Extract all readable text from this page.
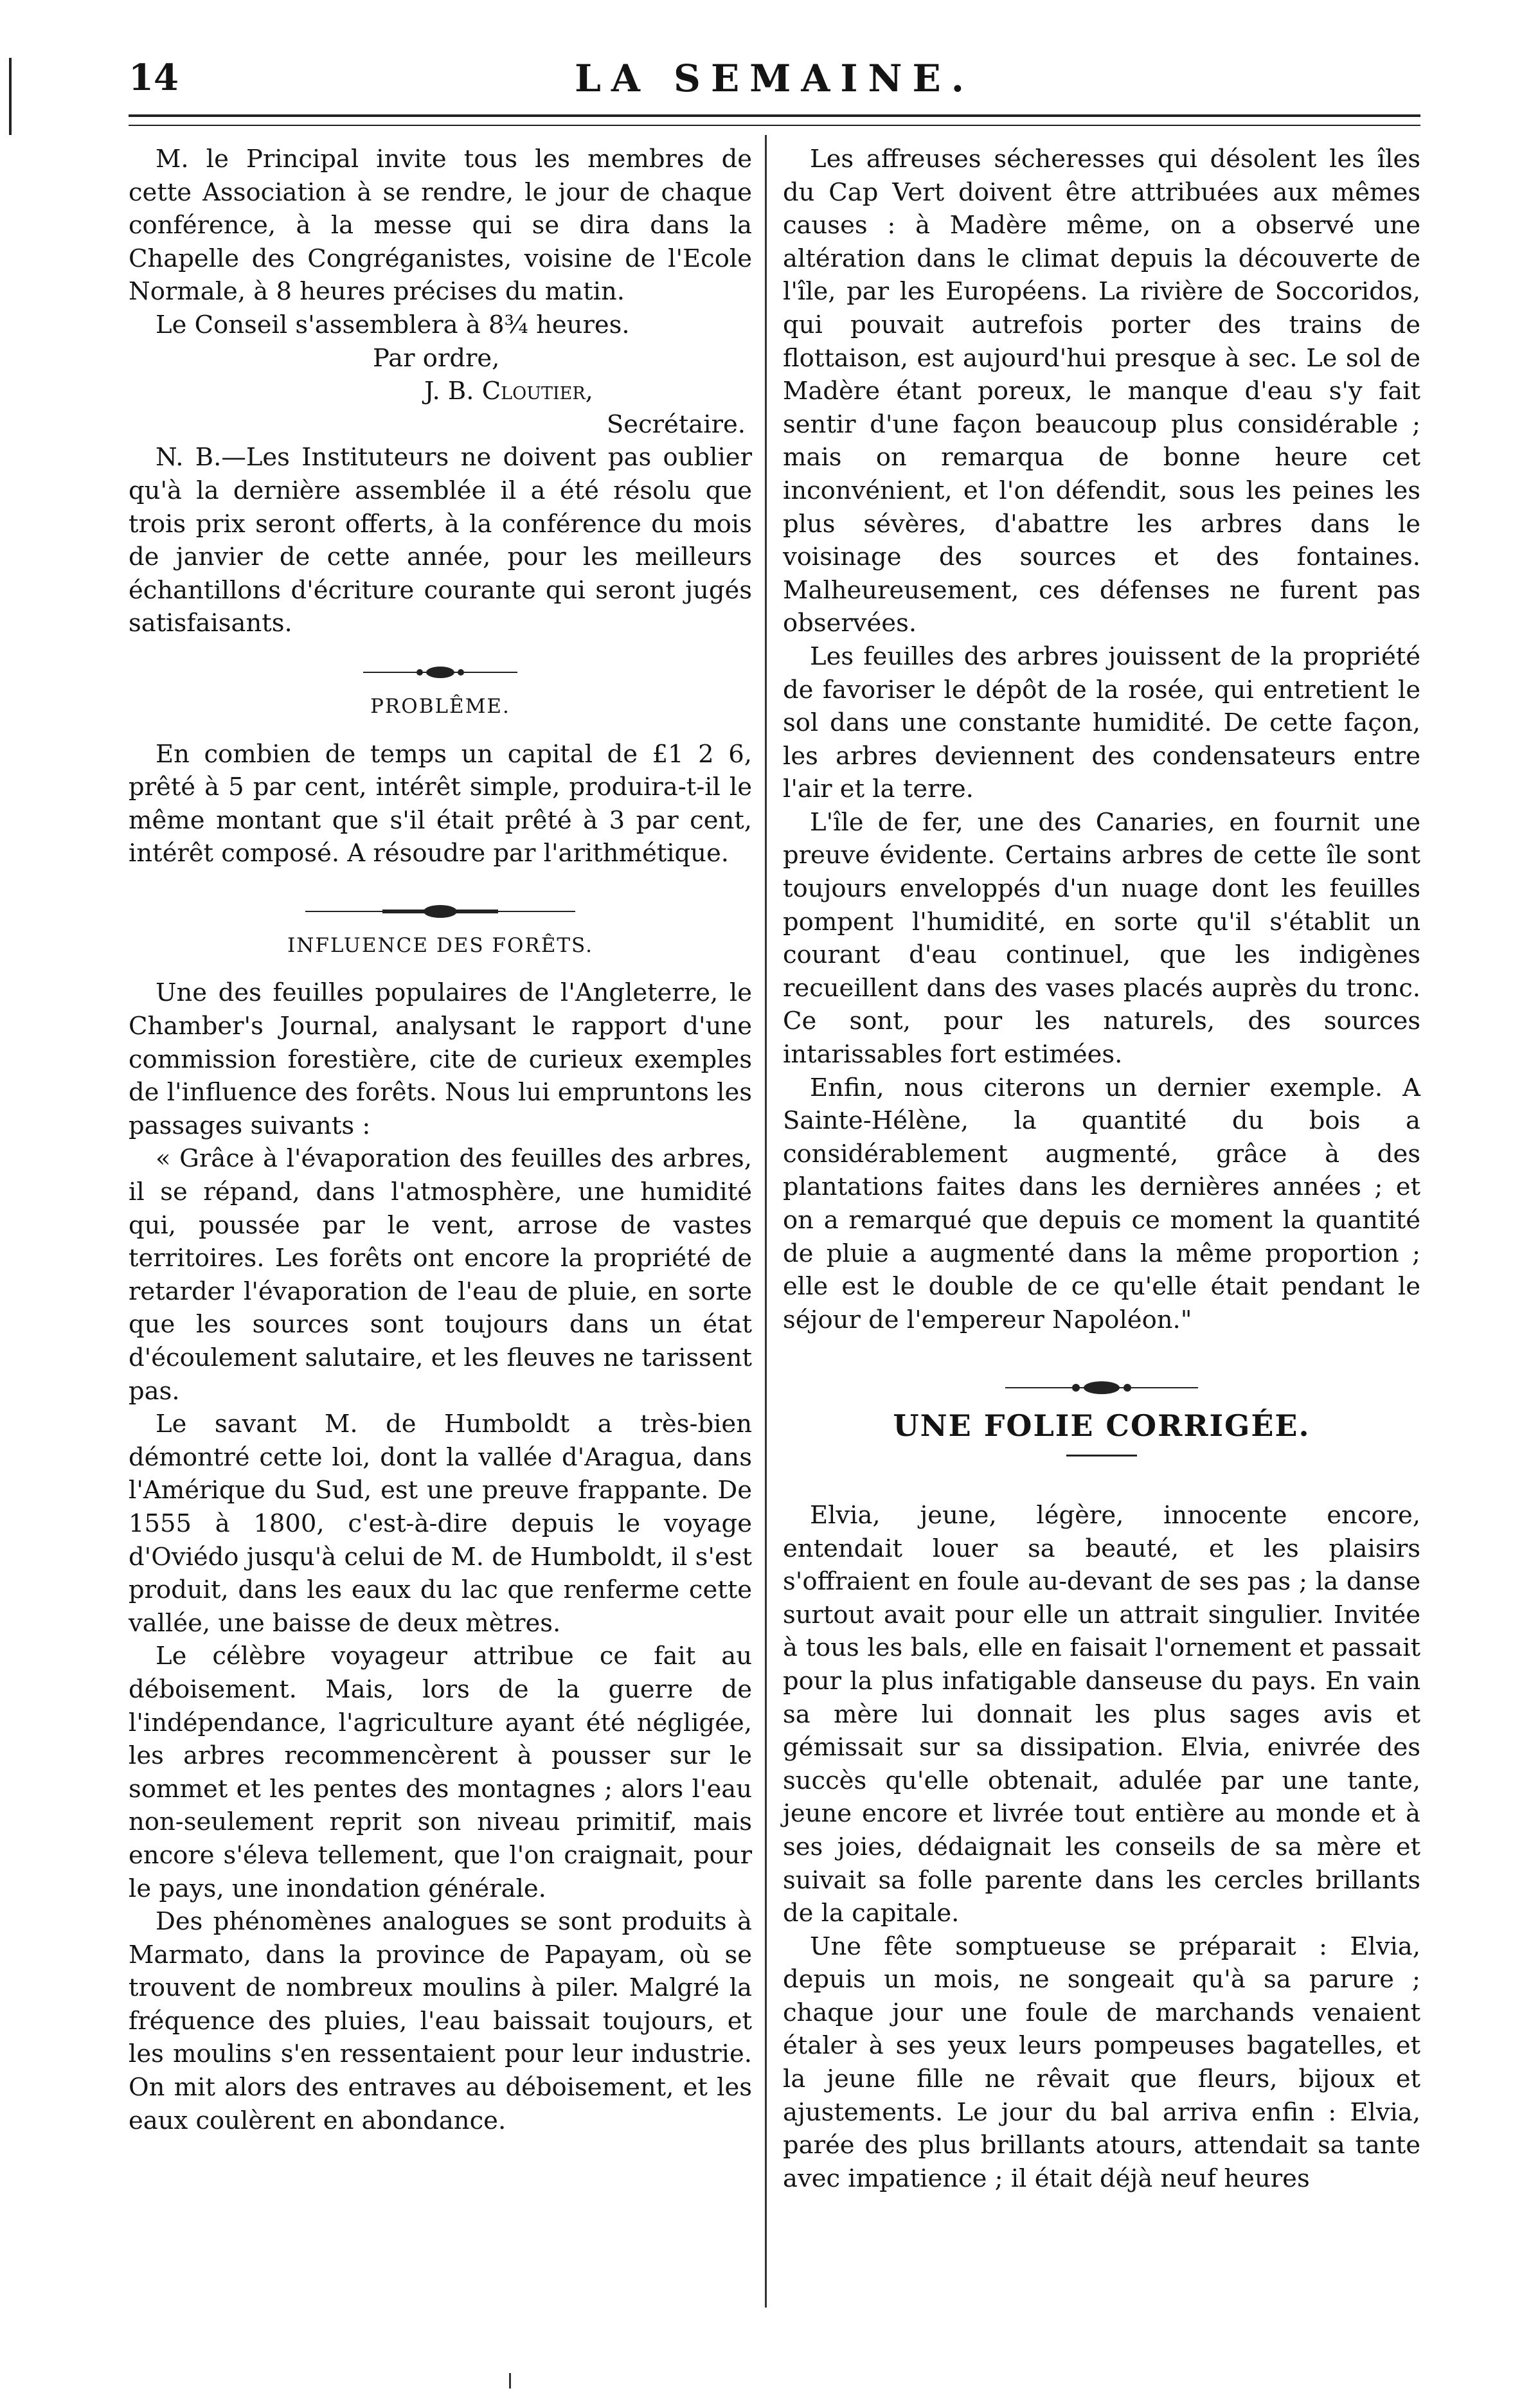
14	LA SEMAINE.

M. le Principal invite tous les membres de cette Association à se rendre, le jour de chaque conférence, à la messe qui se dira dans la Chapelle des Congréganistes, voisine de l'Ecole Normale, à 8 heures précises du matin.

Le Conseil s'assemblera à 8¾ heures.

Par ordre,

J. B. Cloutier,

Secrétaire.

N. B.—Les Instituteurs ne doivent pas oublier qu'à la dernière assemblée il a été résolu que trois prix seront offerts, à la conférence du mois de janvier de cette année, pour les meilleurs échantillons d'écriture courante qui seront jugés satisfaisants.

PROBLÊME.

En combien de temps un capital de £1 2 6, prêté à 5 par cent, intérêt simple, produira-t-il le même montant que s'il était prêté à 3 par cent, intérêt composé. A résoudre par l'arithmétique.

INFLUENCE DES FORÊTS.

Une des feuilles populaires de l'Angleterre, le Chamber's Journal, analysant le rapport d'une commission forestière, cite de curieux exemples de l'influence des forêts. Nous lui empruntons les passages suivants :

« Grâce à l'évaporation des feuilles des arbres, il se répand, dans l'atmosphère, une humidité qui, poussée par le vent, arrose de vastes territoires. Les forêts ont encore la propriété de retarder l'évaporation de l'eau de pluie, en sorte que les sources sont toujours dans un état d'écoulement salutaire, et les fleuves ne tarissent pas.

Le savant M. de Humboldt a très-bien démontré cette loi, dont la vallée d'Aragua, dans l'Amérique du Sud, est une preuve frappante. De 1555 à 1800, c'est-à-dire depuis le voyage d'Oviédo jusqu'à celui de M. de Humboldt, il s'est produit, dans les eaux du lac que renferme cette vallée, une baisse de deux mètres.

Le célèbre voyageur attribue ce fait au déboisement. Mais, lors de la guerre de l'indépendance, l'agriculture ayant été négligée, les arbres recommencèrent à pousser sur le sommet et les pentes des montagnes ; alors l'eau non-seulement reprit son niveau primitif, mais encore s'éleva tellement, que l'on craignait, pour le pays, une inondation générale.

Des phénomènes analogues se sont produits à Marmato, dans la province de Papayam, où se trouvent de nombreux moulins à piler. Malgré la fréquence des pluies, l'eau baissait toujours, et les moulins s'en ressentaient pour leur industrie. On mit alors des entraves au déboisement, et les eaux coulèrent en abondance.

Les affreuses sécheresses qui désolent les îles du Cap Vert doivent être attribuées aux mêmes causes : à Madère même, on a observé une altération dans le climat depuis la découverte de l'île, par les Européens. La rivière de Soccoridos, qui pouvait autrefois porter des trains de flottaison, est aujourd'hui presque à sec. Le sol de Madère étant poreux, le manque d'eau s'y fait sentir d'une façon beaucoup plus considérable ; mais on remarqua de bonne heure cet inconvénient, et l'on défendit, sous les peines les plus sévères, d'abattre les arbres dans le voisinage des sources et des fontaines. Malheureusement, ces défenses ne furent pas observées.

Les feuilles des arbres jouissent de la propriété de favoriser le dépôt de la rosée, qui entretient le sol dans une constante humidité. De cette façon, les arbres deviennent des condensateurs entre l'air et la terre.

L'île de fer, une des Canaries, en fournit une preuve évidente. Certains arbres de cette île sont toujours enveloppés d'un nuage dont les feuilles pompent l'humidité, en sorte qu'il s'établit un courant d'eau continuel, que les indigènes recueillent dans des vases placés auprès du tronc. Ce sont, pour les naturels, des sources intarissables fort estimées.

Enfin, nous citerons un dernier exemple. A Sainte-Hélène, la quantité du bois a considérablement augmenté, grâce à des plantations faites dans les dernières années ; et on a remarqué que depuis ce moment la quantité de pluie a augmenté dans la même proportion ; elle est le double de ce qu'elle était pendant le séjour de l'empereur Napoléon."

UNE FOLIE CORRIGÉE.

Elvia, jeune, légère, innocente encore, entendait louer sa beauté, et les plaisirs s'offraient en foule au-devant de ses pas ; la danse surtout avait pour elle un attrait singulier. Invitée à tous les bals, elle en faisait l'ornement et passait pour la plus infatigable danseuse du pays. En vain sa mère lui donnait les plus sages avis et gémissait sur sa dissipation. Elvia, enivrée des succès qu'elle obtenait, adulée par une tante, jeune encore et livrée tout entière au monde et à ses joies, dédaignait les conseils de sa mère et suivait sa folle parente dans les cercles brillants de la capitale.

Une fête somptueuse se préparait : Elvia, depuis un mois, ne songeait qu'à sa parure ; chaque jour une foule de marchands venaient étaler à ses yeux leurs pompeuses bagatelles, et la jeune fille ne rêvait que fleurs, bijoux et ajustements. Le jour du bal arriva enfin : Elvia, parée des plus brillants atours, attendait sa tante avec impatience ; il était déjà neuf heures
